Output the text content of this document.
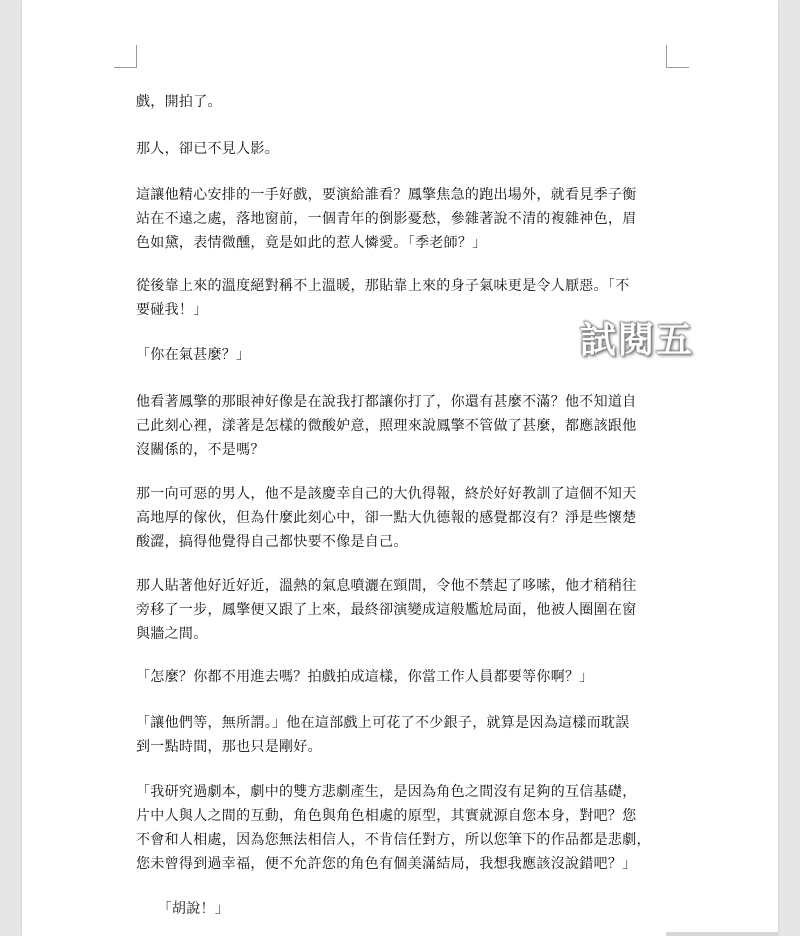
戲，開拍了。

那人，卻已不見人影。

這讓他精心安排的一手好戲，要演給誰看？鳳擎焦急的跑出場外，就看見季子衡
站在不遠之處，落地窗前，一個青年的倒影憂愁，參雜著說不清的複雜神色，眉
色如黛，表情微醺，竟是如此的惹人憐愛。「季老師？」

從後靠上來的溫度絕對稱不上溫暖，那貼靠上來的身子氣味更是令人厭惡。「不
要碰我！」

「你在氣甚麼？」

他看著鳳擎的那眼神好像是在說我打都讓你打了，你還有甚麼不滿？他不知道自
己此刻心裡，漾著是怎樣的微酸妒意，照理來說鳳擎不管做了甚麼，都應該跟他
沒關係的，不是嗎？

那一向可惡的男人，他不是該慶幸自己的大仇得報，終於好好教訓了這個不知天
高地厚的傢伙，但為什麼此刻心中，卻一點大仇德報的感覺都沒有？淨是些懷楚
酸澀，搞得他覺得自己都快要不像是自己。

那人貼著他好近好近，溫熱的氣息噴灑在頸間，令他不禁起了哆嗦，他才稍稍往
旁移了一步，鳳擎便又跟了上來，最終卻演變成這般尷尬局面，他被人圈圍在窗
與牆之間。

「怎麼？你都不用進去嗎？拍戲拍成這樣，你當工作人員都要等你啊？」

「讓他們等，無所謂。」他在這部戲上可花了不少銀子，就算是因為這樣而耽誤
到一點時間，那也只是剛好。

「我研究過劇本，劇中的雙方悲劇產生，是因為角色之間沒有足夠的互信基礎，
片中人與人之間的互動，角色與角色相處的原型，其實就源自您本身，對吧？您
不會和人相處，因為您無法相信人，不肯信任對方，所以您筆下的作品都是悲劇，
您未曾得到過幸福，便不允許您的角色有個美滿結局，我想我應該沒說錯吧？」

　　「胡說！」

試閱五
